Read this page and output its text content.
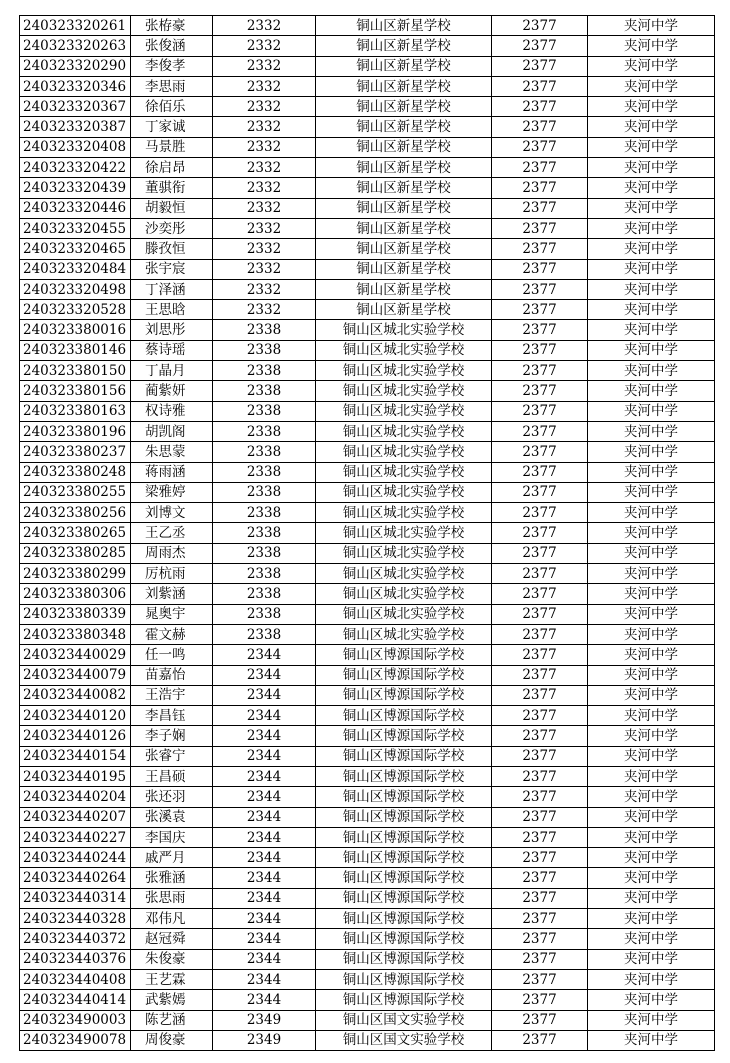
240323320261	张栫豪	2332	铜山区新星学校	2377	夹河中学
240323320263	张俊涵	2332	铜山区新星学校	2377	夹河中学
240323320290	李俊孝	2332	铜山区新星学校	2377	夹河中学
240323320346	李思雨	2332	铜山区新星学校	2377	夹河中学
240323320367	徐佰乐	2332	铜山区新星学校	2377	夹河中学
240323320387	丁家诚	2332	铜山区新星学校	2377	夹河中学
240323320408	马景胜	2332	铜山区新星学校	2377	夹河中学
240323320422	徐启昂	2332	铜山区新星学校	2377	夹河中学
240323320439	董骐衔	2332	铜山区新星学校	2377	夹河中学
240323320446	胡毅恒	2332	铜山区新星学校	2377	夹河中学
240323320455	沙奕彤	2332	铜山区新星学校	2377	夹河中学
240323320465	滕孜恒	2332	铜山区新星学校	2377	夹河中学
240323320484	张宇宸	2332	铜山区新星学校	2377	夹河中学
240323320498	丁泽涵	2332	铜山区新星学校	2377	夹河中学
240323320528	王思晗	2332	铜山区新星学校	2377	夹河中学
240323380016	刘思彤	2338	铜山区城北实验学校	2377	夹河中学
240323380146	蔡诗瑶	2338	铜山区城北实验学校	2377	夹河中学
240323380150	丁晶月	2338	铜山区城北实验学校	2377	夹河中学
240323380156	蔺紫妍	2338	铜山区城北实验学校	2377	夹河中学
240323380163	权诗雅	2338	铜山区城北实验学校	2377	夹河中学
240323380196	胡凯阁	2338	铜山区城北实验学校	2377	夹河中学
240323380237	朱思蒙	2338	铜山区城北实验学校	2377	夹河中学
240323380248	蒋雨涵	2338	铜山区城北实验学校	2377	夹河中学
240323380255	梁雅婷	2338	铜山区城北实验学校	2377	夹河中学
240323380256	刘博文	2338	铜山区城北实验学校	2377	夹河中学
240323380265	王乙丞	2338	铜山区城北实验学校	2377	夹河中学
240323380285	周雨杰	2338	铜山区城北实验学校	2377	夹河中学
240323380299	厉杭雨	2338	铜山区城北实验学校	2377	夹河中学
240323380306	刘紫涵	2338	铜山区城北实验学校	2377	夹河中学
240323380339	晁奥宇	2338	铜山区城北实验学校	2377	夹河中学
240323380348	霍文赫	2338	铜山区城北实验学校	2377	夹河中学
240323440029	任一鸣	2344	铜山区博源国际学校	2377	夹河中学
240323440079	苗嘉怡	2344	铜山区博源国际学校	2377	夹河中学
240323440082	王浩宇	2344	铜山区博源国际学校	2377	夹河中学
240323440120	李昌钰	2344	铜山区博源国际学校	2377	夹河中学
240323440126	李子娴	2344	铜山区博源国际学校	2377	夹河中学
240323440154	张睿宁	2344	铜山区博源国际学校	2377	夹河中学
240323440195	王昌硕	2344	铜山区博源国际学校	2377	夹河中学
240323440204	张还羽	2344	铜山区博源国际学校	2377	夹河中学
240323440207	张溪袁	2344	铜山区博源国际学校	2377	夹河中学
240323440227	李国庆	2344	铜山区博源国际学校	2377	夹河中学
240323440244	戚严月	2344	铜山区博源国际学校	2377	夹河中学
240323440264	张雅涵	2344	铜山区博源国际学校	2377	夹河中学
240323440314	张思雨	2344	铜山区博源国际学校	2377	夹河中学
240323440328	邓伟凡	2344	铜山区博源国际学校	2377	夹河中学
240323440372	赵冠舜	2344	铜山区博源国际学校	2377	夹河中学
240323440376	朱俊豪	2344	铜山区博源国际学校	2377	夹河中学
240323440408	王艺霖	2344	铜山区博源国际学校	2377	夹河中学
240323440414	武紫嫣	2344	铜山区博源国际学校	2377	夹河中学
240323490003	陈艺涵	2349	铜山区国文实验学校	2377	夹河中学
240323490078	周俊豪	2349	铜山区国文实验学校	2377	夹河中学
